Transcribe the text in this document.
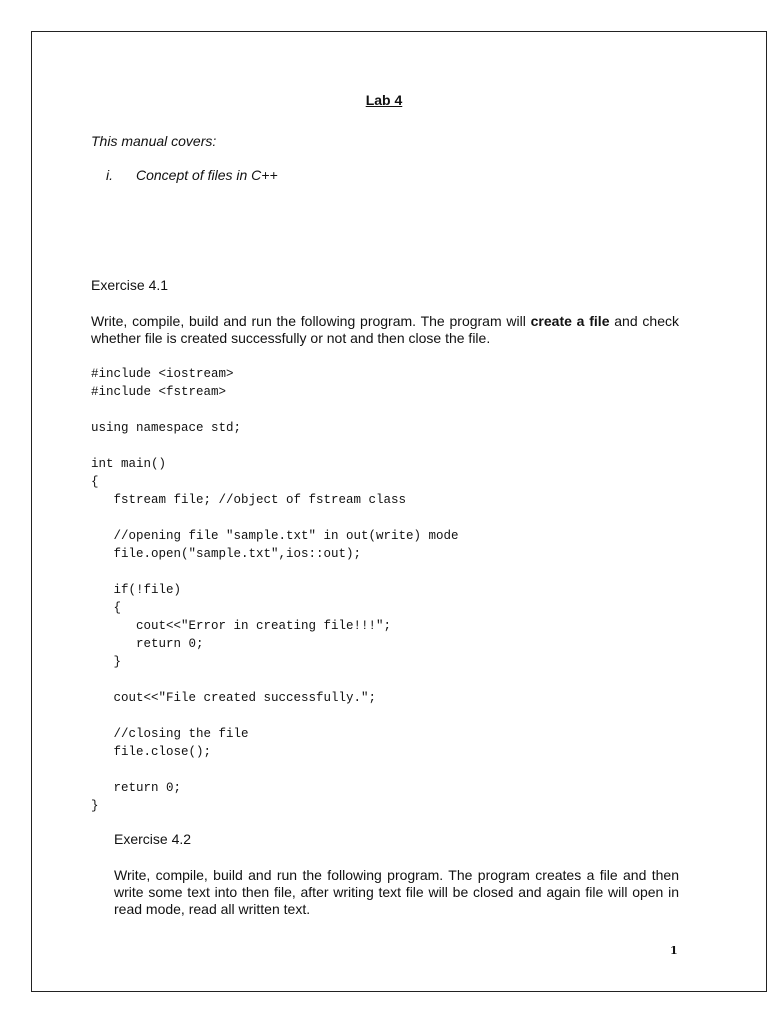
Lab 4
This manual covers:
i. Concept of files in C++
Exercise 4.1
Write, compile, build and run the following program. The program will create a file and check whether file is created successfully or not and then close the file.
#include <iostream>
#include <fstream>

using namespace std;

int main()
{
fstream file; //object of fstream class

//opening file "sample.txt" in out(write) mode
file.open("sample.txt",ios::out);

if(!file)
{
cout<<"Error in creating file!!!";
return 0;
}

cout<<"File created successfully.";

//closing the file
file.close();

return 0;
}
Exercise 4.2
Write, compile, build and run the following program. The program creates a file and then write some text into then file, after writing text file will be closed and again file will open in read mode, read all written text.
1
